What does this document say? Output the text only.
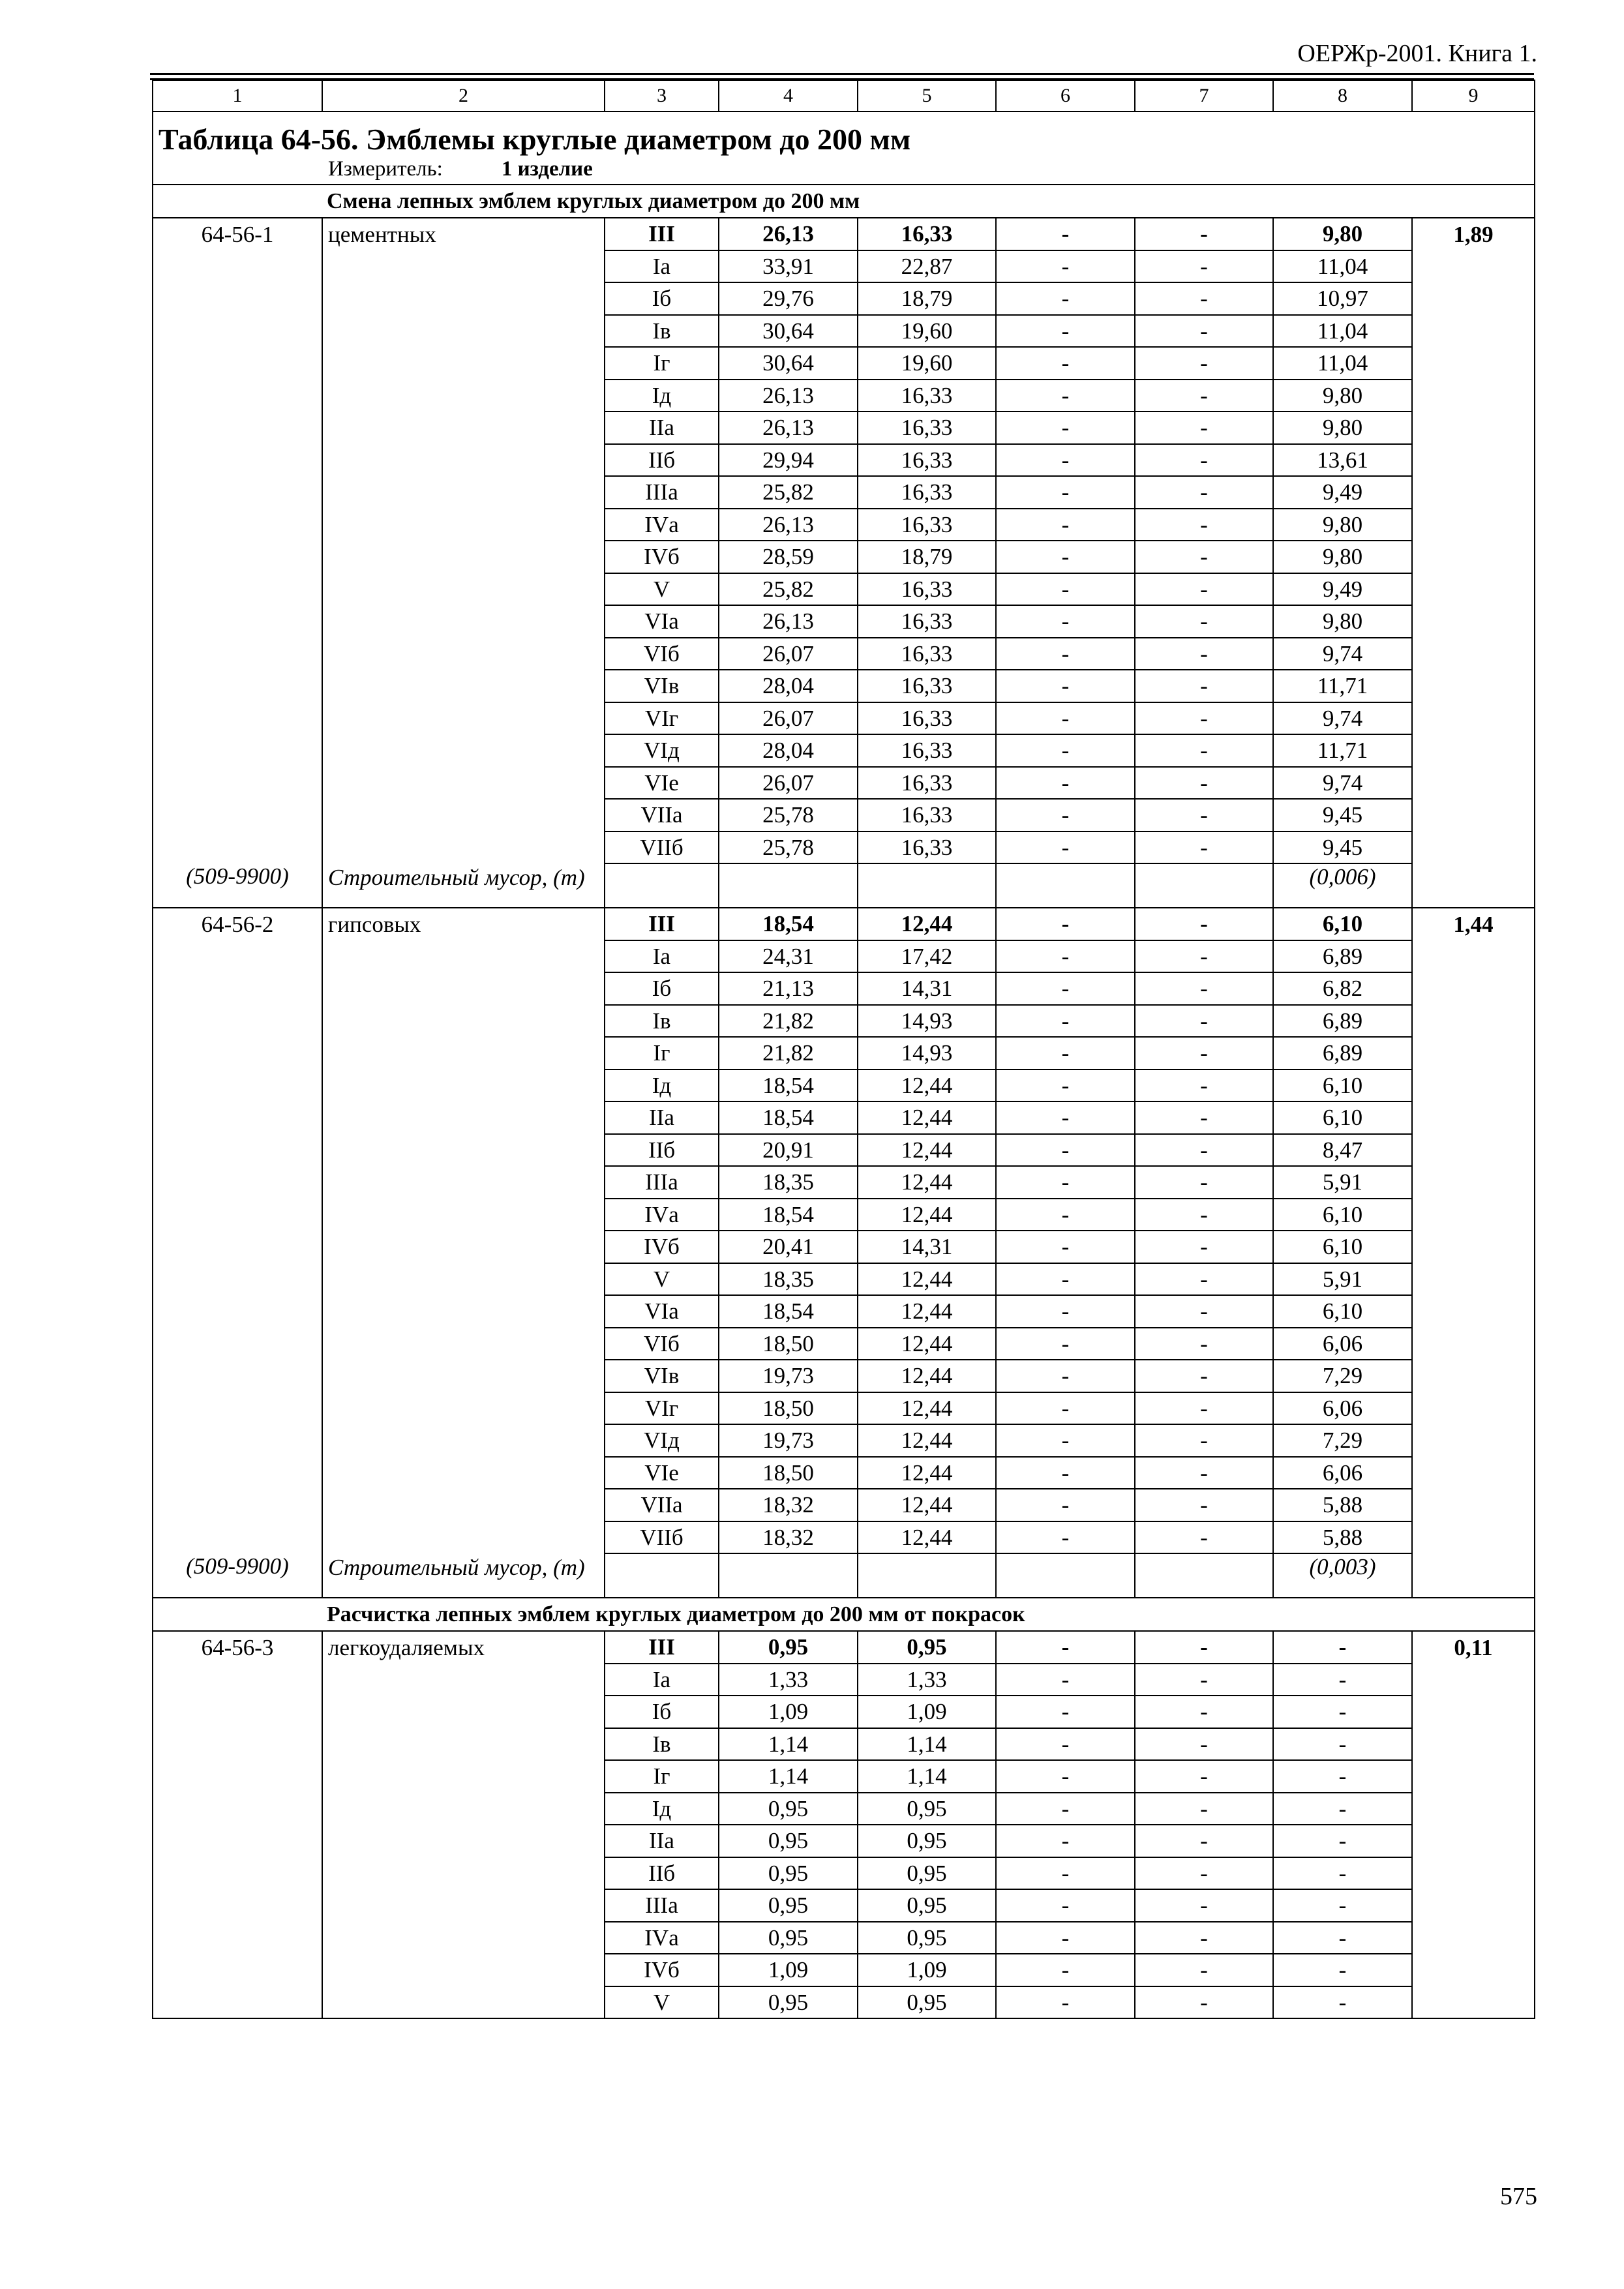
ОЕРЖр-2001. Книга 1.
1	2	3	4	5	6	7	8	9
Таблица 64-56. Эмблемы круглые диаметром до 200 мм								
Измеритель: 1 изделие								
Смена лепных эмблем круглых диаметром до 200 мм								
64-56-1	цементных	III	26,13	16,33	-	-	9,80	1,89
		Iа	33,91	22,87	-	-	11,04	
		Iб	29,76	18,79	-	-	10,97	
		Iв	30,64	19,60	-	-	11,04	
		Iг	30,64	19,60	-	-	11,04	
		Iд	26,13	16,33	-	-	9,80	
		IIа	26,13	16,33	-	-	9,80	
		IIб	29,94	16,33	-	-	13,61	
		IIIа	25,82	16,33	-	-	9,49	
		IVа	26,13	16,33	-	-	9,80	
		IVб	28,59	18,79	-	-	9,80	
		V	25,82	16,33	-	-	9,49	
		VIа	26,13	16,33	-	-	9,80	
		VIб	26,07	16,33	-	-	9,74	
		VIв	28,04	16,33	-	-	11,71	
		VIг	26,07	16,33	-	-	9,74	
		VIд	28,04	16,33	-	-	11,71	
		VIе	26,07	16,33	-	-	9,74	
		VIIа	25,78	16,33	-	-	9,45	
		VIIб	25,78	16,33	-	-	9,45	
(509-9900)	Строительный мусор, (т)						(0,006)	
64-56-2	гипсовых	III	18,54	12,44	-	-	6,10	1,44
		Iа	24,31	17,42	-	-	6,89	
		Iб	21,13	14,31	-	-	6,82	
		Iв	21,82	14,93	-	-	6,89	
		Iг	21,82	14,93	-	-	6,89	
		Iд	18,54	12,44	-	-	6,10	
		IIа	18,54	12,44	-	-	6,10	
		IIб	20,91	12,44	-	-	8,47	
		IIIа	18,35	12,44	-	-	5,91	
		IVа	18,54	12,44	-	-	6,10	
		IVб	20,41	14,31	-	-	6,10	
		V	18,35	12,44	-	-	5,91	
		VIа	18,54	12,44	-	-	6,10	
		VIб	18,50	12,44	-	-	6,06	
		VIв	19,73	12,44	-	-	7,29	
		VIг	18,50	12,44	-	-	6,06	
		VIд	19,73	12,44	-	-	7,29	
		VIе	18,50	12,44	-	-	6,06	
		VIIа	18,32	12,44	-	-	5,88	
		VIIб	18,32	12,44	-	-	5,88	
(509-9900)	Строительный мусор, (т)						(0,003)	
Расчистка лепных эмблем круглых диаметром до 200 мм от покрасок								
64-56-3	легкоудаляемых	III	0,95	0,95	-	-	-	0,11
		Iа	1,33	1,33	-	-	-	
		Iб	1,09	1,09	-	-	-	
		Iв	1,14	1,14	-	-	-	
		Iг	1,14	1,14	-	-	-	
		Iд	0,95	0,95	-	-	-	
		IIа	0,95	0,95	-	-	-	
		IIб	0,95	0,95	-	-	-	
		IIIа	0,95	0,95	-	-	-	
		IVа	0,95	0,95	-	-	-	
		IVб	1,09	1,09	-	-	-	
		V	0,95	0,95	-	-	-	
575
